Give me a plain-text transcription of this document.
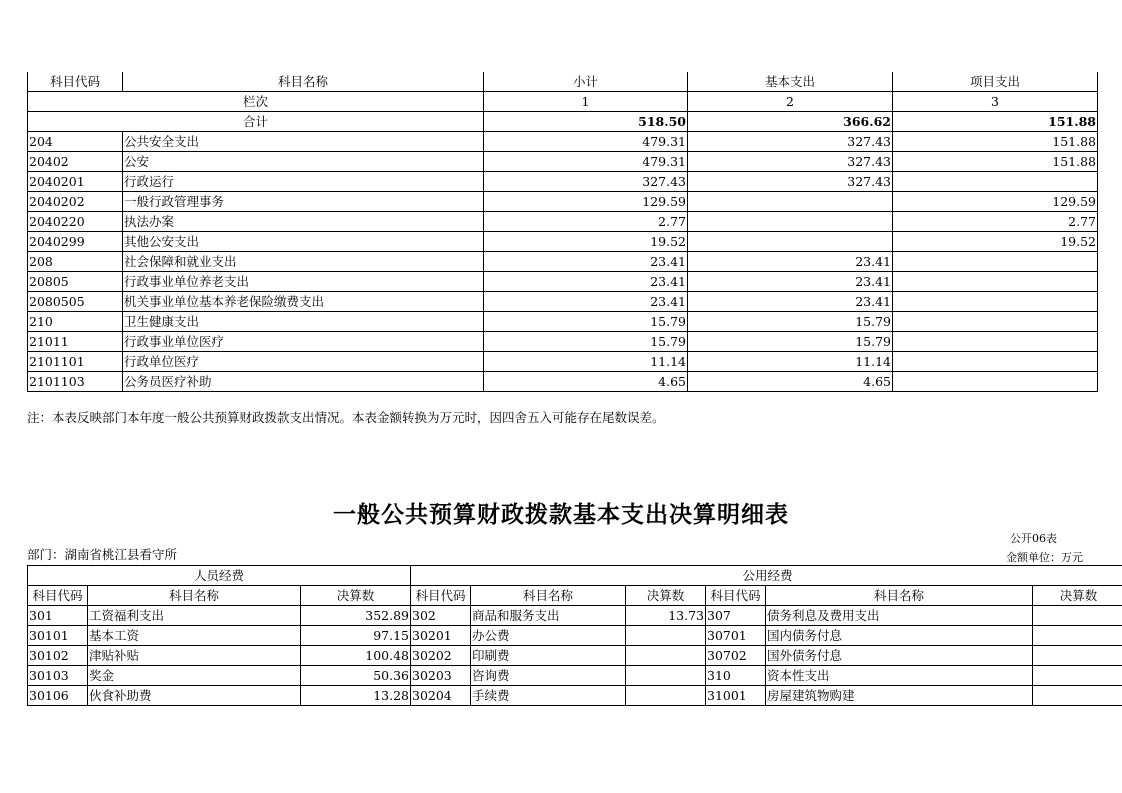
科目代码	科目名称	小计	基本支出	项目支出
栏次		1	2	3
合计		518.50	366.62	151.88
204	公共安全支出	479.31	327.43	151.88
20402	公安	479.31	327.43	151.88
2040201	行政运行	327.43	327.43	
2040202	一般行政管理事务	129.59		129.59
2040220	执法办案	2.77		2.77
2040299	其他公安支出	19.52		19.52
208	社会保障和就业支出	23.41	23.41	
20805	行政事业单位养老支出	23.41	23.41	
2080505	机关事业单位基本养老保险缴费支出	23.41	23.41	
210	卫生健康支出	15.79	15.79	
21011	行政事业单位医疗	15.79	15.79	
2101101	行政单位医疗	11.14	11.14	
2101103	公务员医疗补助	4.65	4.65	
注：本表反映部门本年度一般公共预算财政拨款支出情况。本表金额转换为万元时，因四舍五入可能存在尾数误差。
一般公共预算财政拨款基本支出决算明细表
公开06表
部门：湖南省桃江县看守所	金额单位：万元
人员经费			公用经费					
科目代码	科目名称	决算数	科目代码	科目名称	决算数	科目代码	科目名称	决算数
301	工资福利支出	352.89	302	商品和服务支出	13.73	307	债务利息及费用支出	
30101	基本工资	97.15	30201	办公费		30701	国内债务付息	
30102	津贴补贴	100.48	30202	印刷费		30702	国外债务付息	
30103	奖金	50.36	30203	咨询费		310	资本性支出	
30106	伙食补助费	13.28	30204	手续费		31001	房屋建筑物购建	
